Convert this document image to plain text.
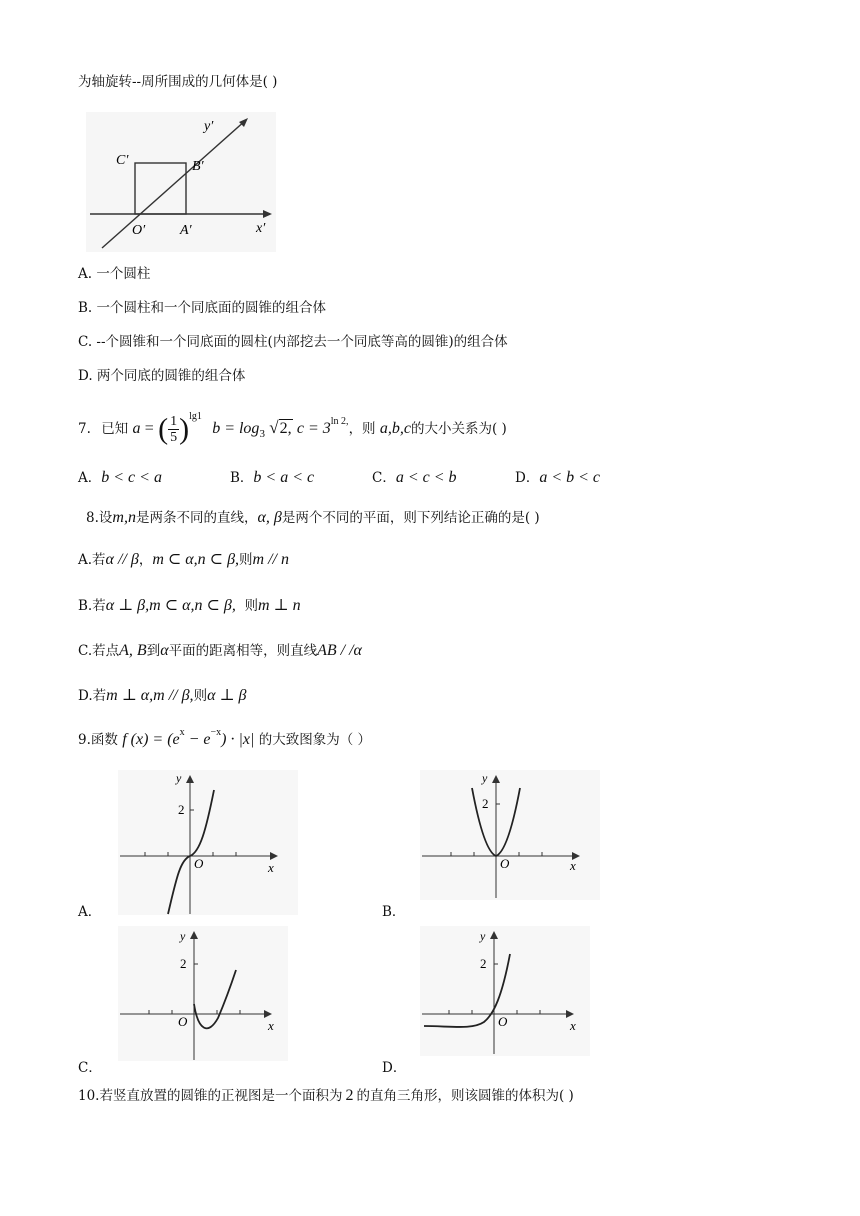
为轴旋转--周所围成的几何体是( )
y′
C′	B′
O′ A′	x′
A. 一个圆柱
B. 一个圆柱和一个同底面的圆锥的组合体
C. --个圆锥和一个同底面的圆柱(内部挖去一个同底等高的圆锥)的组合体
D. 两个同底的圆锥的组合体
7. 已知 a = ( $\frac{1}{5} )^{lg1}$ $b = \log_3 √2$, $c = 3^{ln 2,}$，则 a,b,c的大小关系为( )
A．b < c < a	B．b < a < c	C．a < c < b	D．a < b < c
8.设m,n是两条不同的直线，α, β是两个不同的平面，则下列结论正确的是( )
A.若α // β，m ⊂ α,n ⊂ β,则m // n
B.若α ⊥ β,m ⊂ α,n ⊂ β,  则m ⊥ n
C.若点A, B到α平面的距离相等，则直线AB / /α
D.若m ⊥ α,m // β,则α ⊥ β
9.函数 f $(x) = (e^x - e^{-x}) \cdot |x|$ 的大致图象为（ ）
y
2
O	x
y
2
O	x
y
2
O	x
y
2
O	x
A．	B．
C．	D．
10.若竖直放置的圆锥的正视图是一个面积为 2 的直角三角形，则该圆锥的体积为( )
